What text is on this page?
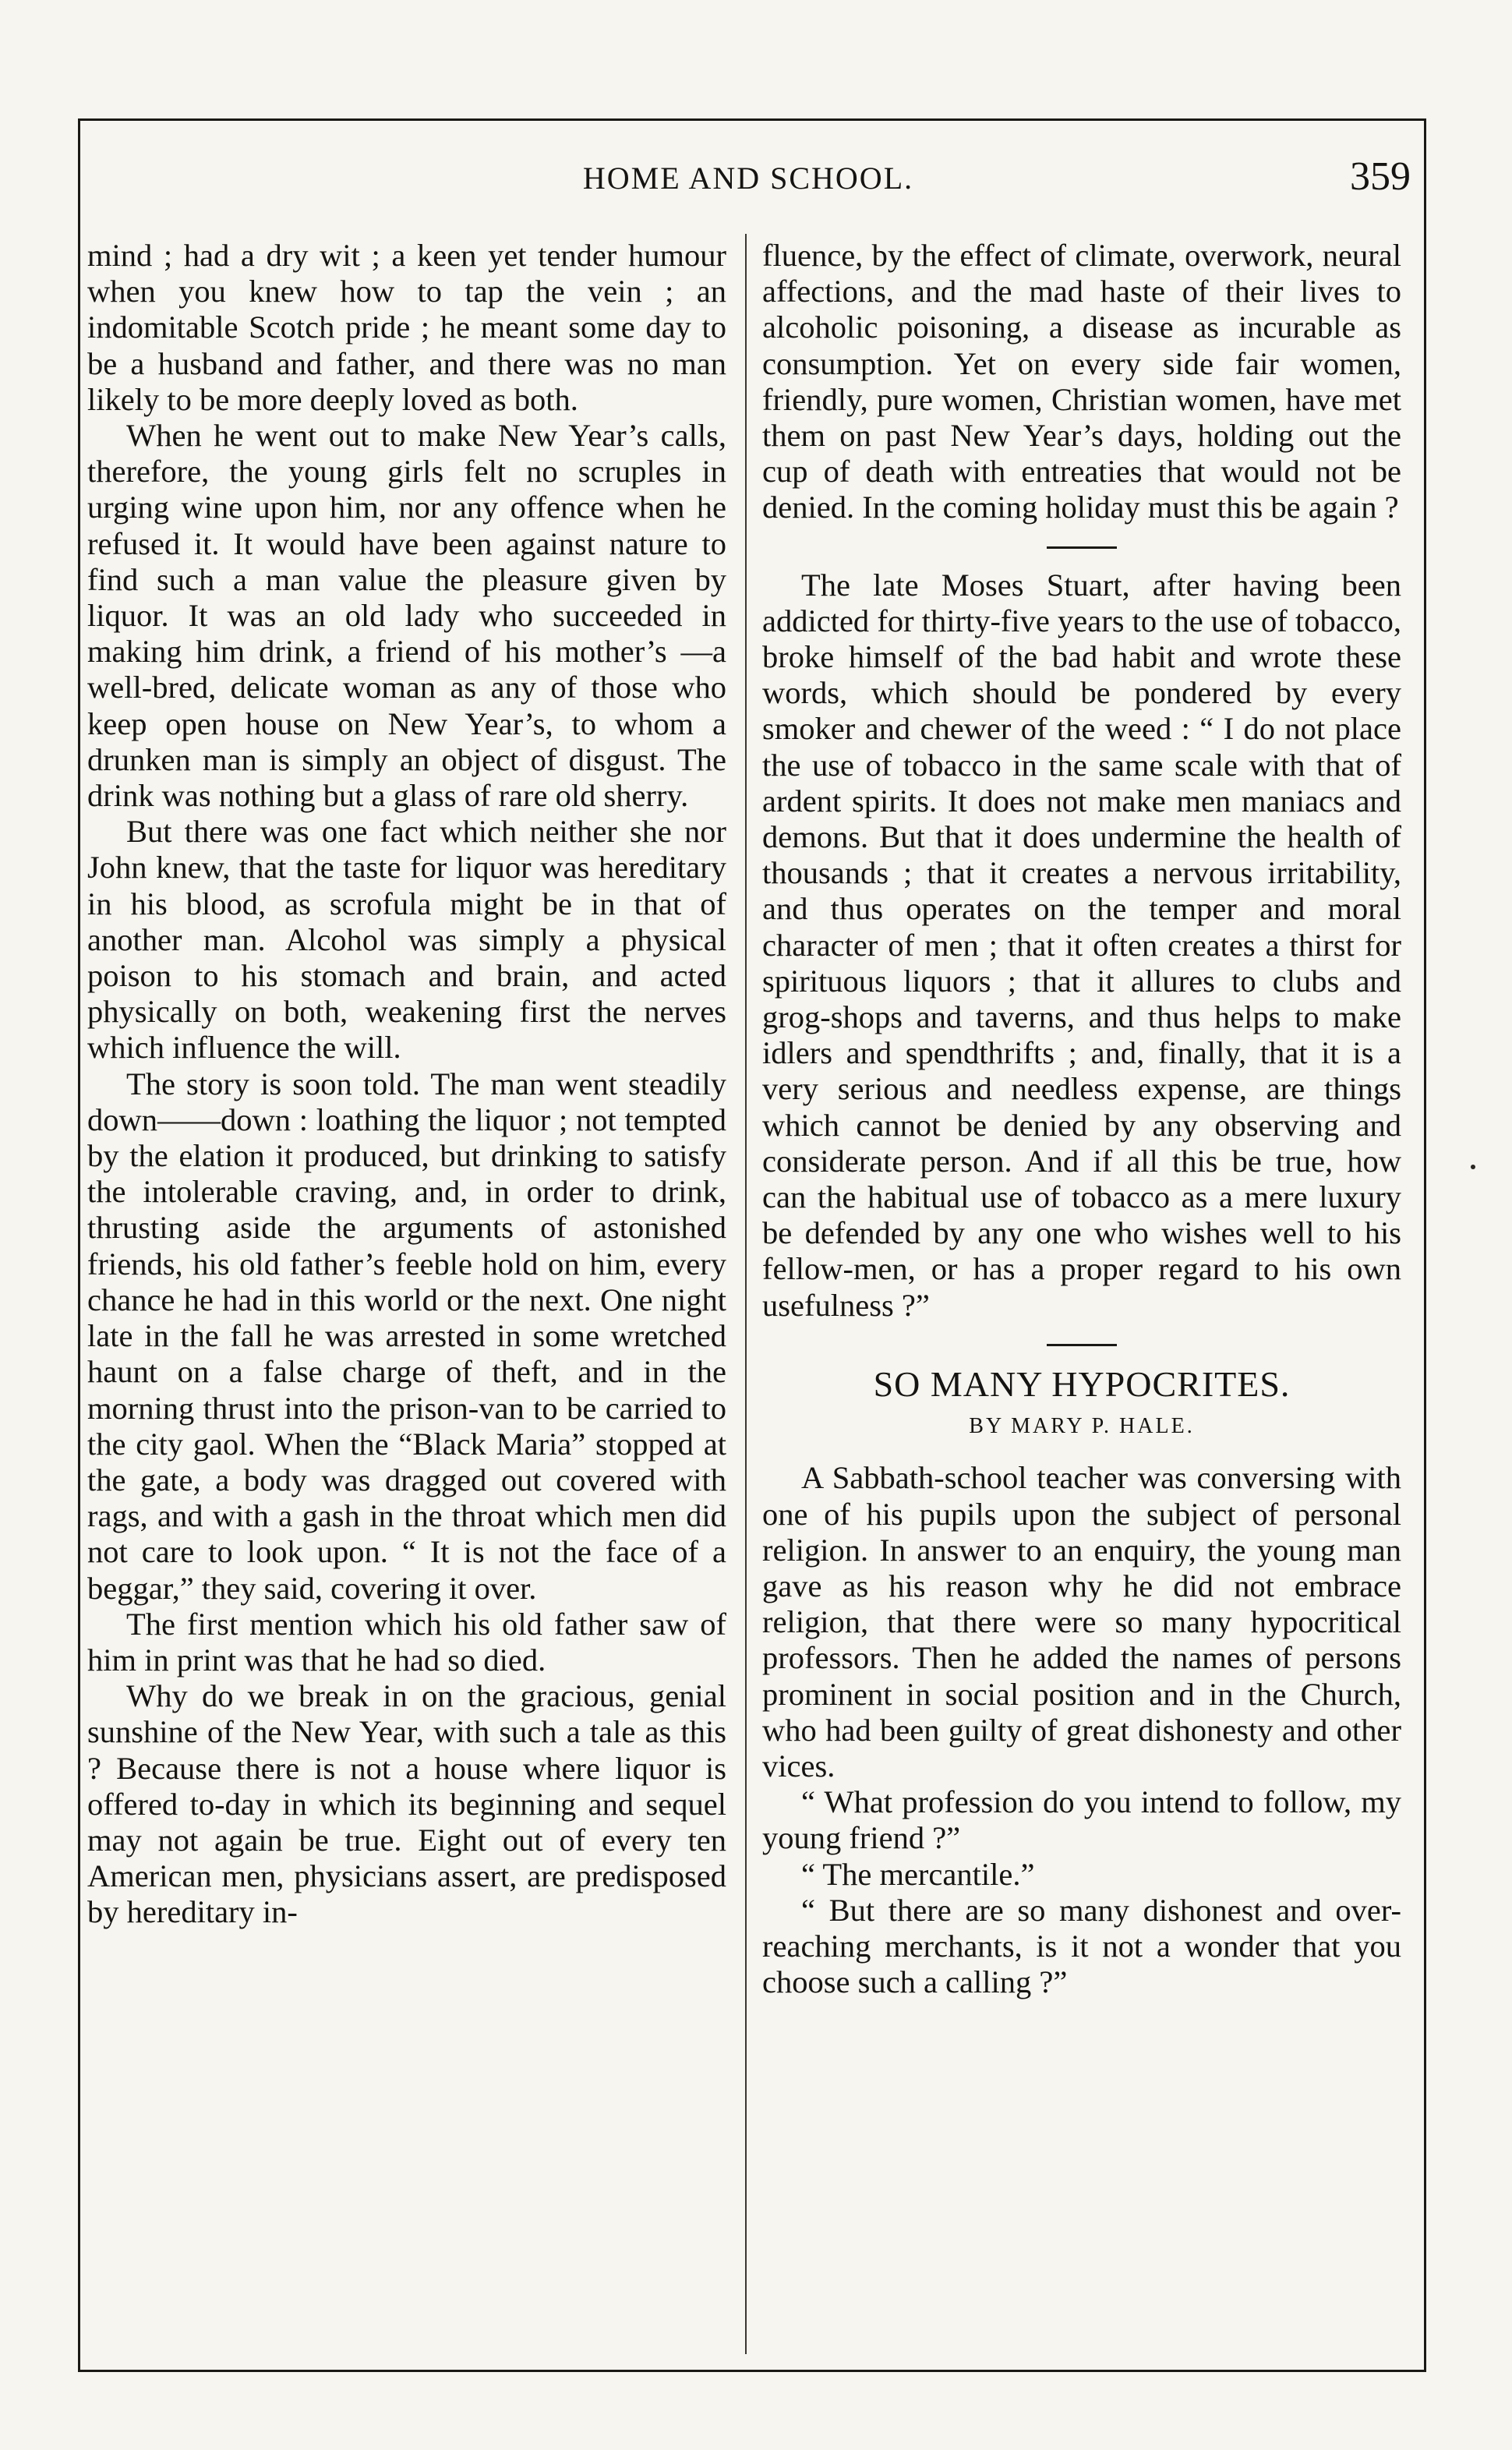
HOME AND SCHOOL.	359

mind ; had a dry wit ; a keen yet tender humour when you knew how to tap the vein ; an indomitable Scotch pride ; he meant some day to be a husband and father, and there was no man likely to be more deeply loved as both.

When he went out to make New Year’s calls, therefore, the young girls felt no scruples in urging wine upon him, nor any offence when he refused it. It would have been against nature to find such a man value the pleasure given by liquor. It was an old lady who succeeded in making him drink, a friend of his mother’s —a well-bred, delicate woman as any of those who keep open house on New Year’s, to whom a drunken man is simply an object of disgust. The drink was nothing but a glass of rare old sherry.

But there was one fact which neither she nor John knew, that the taste for liquor was hereditary in his blood, as scrofula might be in that of another man. Alcohol was simply a physical poison to his stomach and brain, and acted physically on both, weakening first the nerves which influence the will.

The story is soon told. The man went steadily down——down : loathing the liquor ; not tempted by the elation it produced, but drinking to satisfy the intolerable craving, and, in order to drink, thrusting aside the arguments of astonished friends, his old father’s feeble hold on him, every chance he had in this world or the next. One night late in the fall he was arrested in some wretched haunt on a false charge of theft, and in the morning thrust into the prison-van to be carried to the city gaol. When the “Black Maria” stopped at the gate, a body was dragged out covered with rags, and with a gash in the throat which men did not care to look upon. “ It is not the face of a beggar,” they said, covering it over.

The first mention which his old father saw of him in print was that he had so died.

Why do we break in on the gracious, genial sunshine of the New Year, with such a tale as this ? Because there is not a house where liquor is offered to-day in which its beginning and sequel may not again be true. Eight out of every ten American men, physicians assert, are predisposed by hereditary in-

fluence, by the effect of climate, overwork, neural affections, and the mad haste of their lives to alcoholic poisoning, a disease as incurable as consumption. Yet on every side fair women, friendly, pure women, Christian women, have met them on past New Year’s days, holding out the cup of death with entreaties that would not be denied. In the coming holiday must this be again ?

The late Moses Stuart, after having been addicted for thirty-five years to the use of tobacco, broke himself of the bad habit and wrote these words, which should be pondered by every smoker and chewer of the weed : “ I do not place the use of tobacco in the same scale with that of ardent spirits. It does not make men maniacs and demons. But that it does undermine the health of thousands ; that it creates a nervous irritability, and thus operates on the temper and moral character of men ; that it often creates a thirst for spirituous liquors ; that it allures to clubs and grog-shops and taverns, and thus helps to make idlers and spendthrifts ; and, finally, that it is a very serious and needless expense, are things which cannot be denied by any observing and considerate person. And if all this be true, how can the habitual use of tobacco as a mere luxury be defended by any one who wishes well to his fellow-men, or has a proper regard to his own usefulness ?”

SO MANY HYPOCRITES.
BY MARY P. HALE.

A Sabbath-school teacher was conversing with one of his pupils upon the subject of personal religion. In answer to an enquiry, the young man gave as his reason why he did not embrace religion, that there were so many hypocritical professors. Then he added the names of persons prominent in social position and in the Church, who had been guilty of great dishonesty and other vices.

“ What profession do you intend to follow, my young friend ?”

“ The mercantile.”

“ But there are so many dishonest and over-reaching merchants, is it not a wonder that you choose such a calling ?”
